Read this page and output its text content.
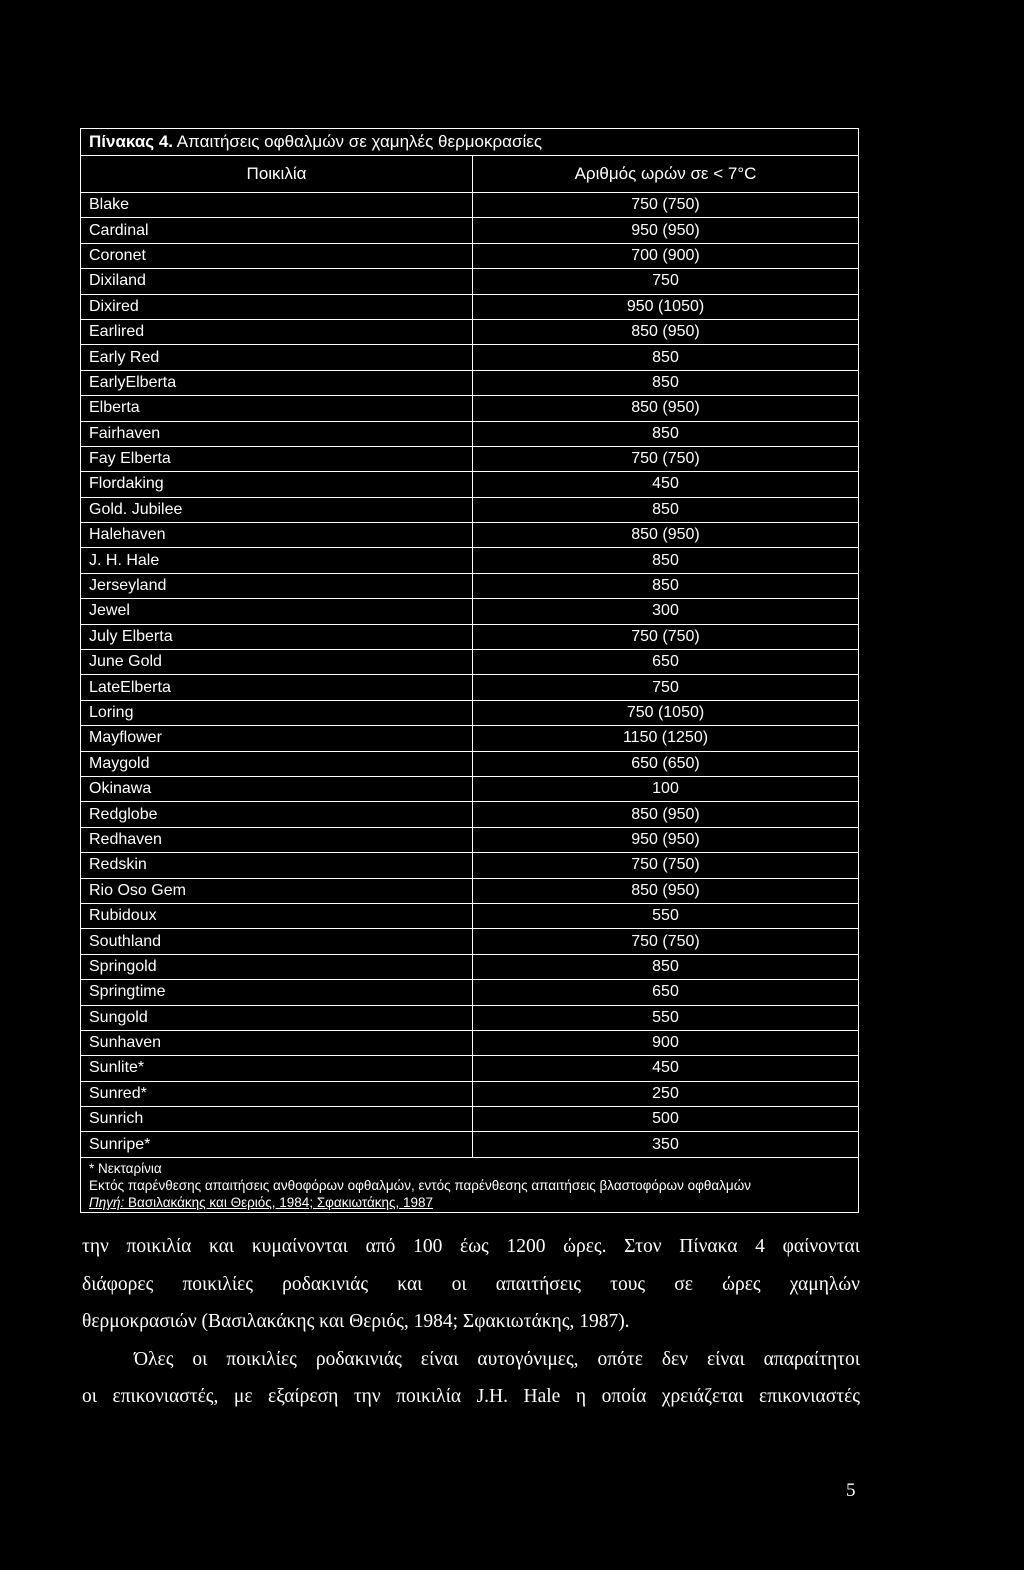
Πίνακας 4. Απαιτήσεις οφθαλμών σε χαμηλές θερμοκρασίες	
Ποικιλία	Αριθμός ωρών σε < 7°C
Blake	750 (750)
Cardinal	950 (950)
Coronet	700 (900)
Dixiland	750
Dixired	950 (1050)
Earlired	850 (950)
Early Red	850
EarlyElberta	850
Elberta	850 (950)
Fairhaven	850
Fay Elberta	750 (750)
Flordaking	450
Gold. Jubilee	850
Halehaven	850 (950)
J. H. Hale	850
Jerseyland	850
Jewel	300
July Elberta	750 (750)
June Gold	650
LateElberta	750
Loring	750 (1050)
Mayflower	1150 (1250)
Maygold	650 (650)
Okinawa	100
Redglobe	850 (950)
Redhaven	950 (950)
Redskin	750 (750)
Rio Oso Gem	850 (950)
Rubidoux	550
Southland	750 (750)
Springold	850
Springtime	650
Sungold	550
Sunhaven	900
Sunlite*	450
Sunred*	250
Sunrich	500
Sunripe*	350

* Νεκταρίνια
Εκτός παρένθεσης απαιτήσεις ανθοφόρων οφθαλμών, εντός παρένθεσης απαιτήσεις βλαστοφόρων οφθαλμών
Πηγή: Βασιλακάκης και Θεριός, 1984; Σφακιωτάκης, 1987	

την ποικιλία και κυμαίνονται από 100 έως 1200 ώρες. Στον Πίνακα 4 φαίνονται

διάφορες ποικιλίες ροδακινιάς και οι απαιτήσεις τους σε ώρες χαμηλών

θερμοκρασιών (Βασιλακάκης και Θεριός, 1984; Σφακιωτάκης, 1987).

Όλες οι ποικιλίες ροδακινιάς είναι αυτογόνιμες, οπότε δεν είναι απαραίτητοι

οι επικονιαστές, με εξαίρεση την ποικιλία J.H. Hale η οποία χρειάζεται επικονιαστές

5
